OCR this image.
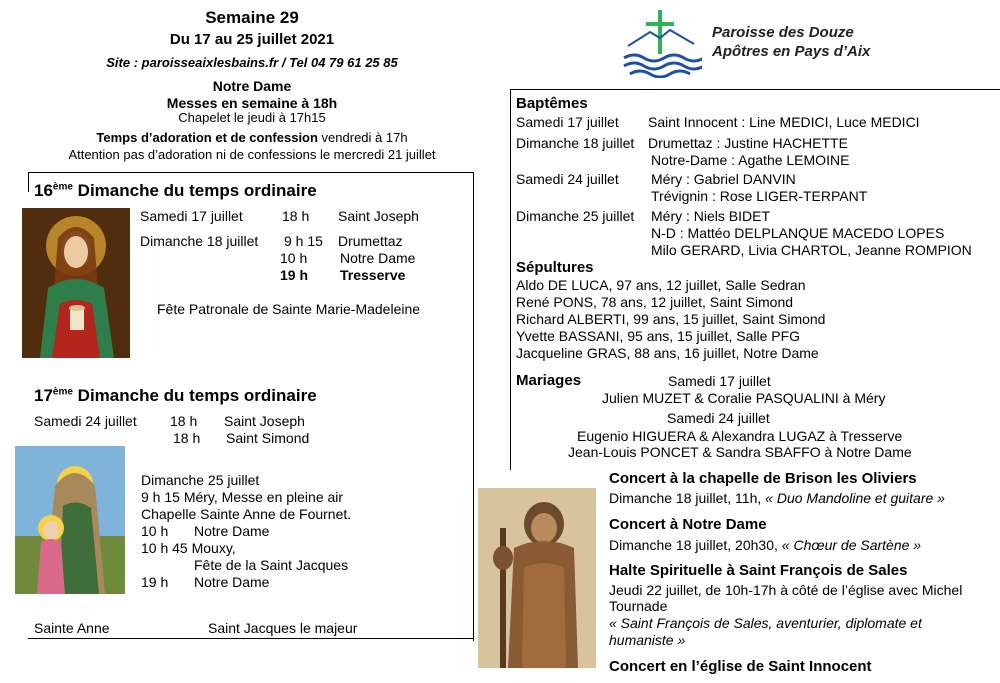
Semaine 29
Du 17 au 25 juillet 2021
Site : paroisseaixlesbains.fr / Tel 04 79 61 25 85
Notre Dame
Messes en semaine à 18h
Chapelet le jeudi à 17h15
Temps d’adoration et de confession vendredi à 17h
Attention pas d’adoration ni de confessions le mercredi 21 juillet
Paroisse des Douze
Apôtres en Pays d’Aix
16ème Dimanche du temps ordinaire
Samedi 17 juillet	18 h Saint Joseph
Dimanche 18 juillet 9 h 15 Drumettaz
10 h Notre Dame
19 h Tresserve
Fête Patronale de Sainte Marie-Madeleine
17ème Dimanche du temps ordinaire
Samedi 24 juillet 18 h Saint Joseph
18 h Saint Simond
Dimanche 25 juillet
9 h 15 Méry, Messe en pleine air
Chapelle Sainte Anne de Fournet.
10 h Notre Dame
10 h 45 Mouxy,
Fête de la Saint Jacques
19 h Notre Dame
Sainte Anne	Saint Jacques le majeur
Baptêmes
Samedi 17 juillet Saint Innocent : Line MEDICI, Luce MEDICI
Dimanche 18 juillet Drumettaz : Justine HACHETTE
Notre-Dame : Agathe LEMOINE
Samedi 24 juillet Méry : Gabriel DANVIN
Trévignin : Rose LIGER-TERPANT
Dimanche 25 juillet Méry : Niels BIDET
N-D : Mattéo DELPLANQUE MACEDO LOPES
Milo GERARD, Livia CHARTOL, Jeanne ROMPION
Sépultures
Aldo DE LUCA, 97 ans, 12 juillet, Salle Sedran
René PONS, 78 ans, 12 juillet, Saint Simond
Richard ALBERTI, 99 ans, 15 juillet, Saint Simond
Yvette BASSANI, 95 ans, 15 juillet, Salle PFG
Jacqueline GRAS, 88 ans, 16 juillet, Notre Dame
Mariages	Samedi 17 juillet
Julien MUZET & Coralie PASQUALINI à Méry
Samedi 24 juillet
Eugenio HIGUERA & Alexandra LUGAZ à Tresserve
Jean-Louis PONCET & Sandra SBAFFO à Notre Dame
Concert à la chapelle de Brison les Oliviers
Dimanche 18 juillet, 11h, « Duo Mandoline et guitare »
Concert à Notre Dame
Dimanche 18 juillet, 20h30, « Chœur de Sartène »
Halte Spirituelle à Saint François de Sales
Jeudi 22 juillet, de 10h-17h à côté de l’église avec Michel
Tournade
« Saint François de Sales, aventurier, diplomate et
humaniste »
Concert en l’église de Saint Innocent
